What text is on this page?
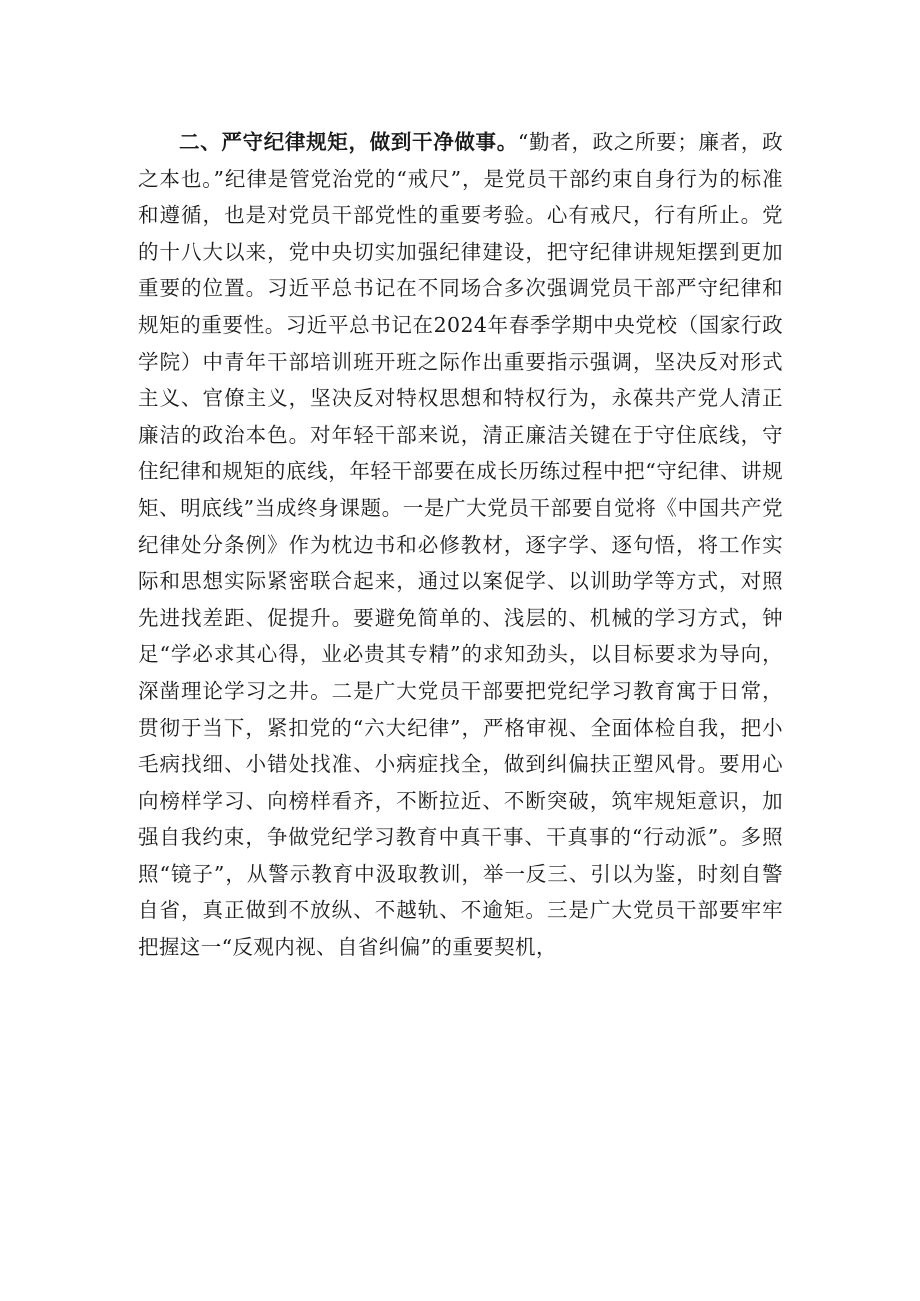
二、严守纪律规矩，做到干净做事。“勤者，政之所要；廉者，政之本也。”纪律是管党治党的“戒尺”，是党员干部约束自身行为的标准和遵循，也是对党员干部党性的重要考验。心有戒尺，行有所止。党的十八大以来，党中央切实加强纪律建设，把守纪律讲规矩摆到更加重要的位置。习近平总书记在不同场合多次强调党员干部严守纪律和规矩的重要性。习近平总书记在2024年春季学期中央党校（国家行政学院）中青年干部培训班开班之际作出重要指示强调，坚决反对形式主义、官僚主义，坚决反对特权思想和特权行为，永葆共产党人清正廉洁的政治本色。对年轻干部来说，清正廉洁关键在于守住底线，守住纪律和规矩的底线，年轻干部要在成长历练过程中把“守纪律、讲规矩、明底线”当成终身课题。一是广大党员干部要自觉将《中国共产党纪律处分条例》作为枕边书和必修教材，逐字学、逐句悟，将工作实际和思想实际紧密联合起来，通过以案促学、以训助学等方式，对照先进找差距、促提升。要避免简单的、浅层的、机械的学习方式，钟足“学必求其心得，业必贵其专精”的求知劲头，以目标要求为导向，深凿理论学习之井。二是广大党员干部要把党纪学习教育寓于日常，贯彻于当下，紧扣党的“六大纪律”，严格审视、全面体检自我，把小毛病找细、小错处找准、小病症找全，做到纠偏扶正塑风骨。要用心向榜样学习、向榜样看齐，不断拉近、不断突破，筑牢规矩意识，加强自我约束，争做党纪学习教育中真干事、干真事的“行动派”。多照照“镜子”，从警示教育中汲取教训，举一反三、引以为鉴，时刻自警自省，真正做到不放纵、不越轨、不逾矩。三是广大党员干部要牢牢把握这一“反观内视、自省纠偏”的重要契机，
